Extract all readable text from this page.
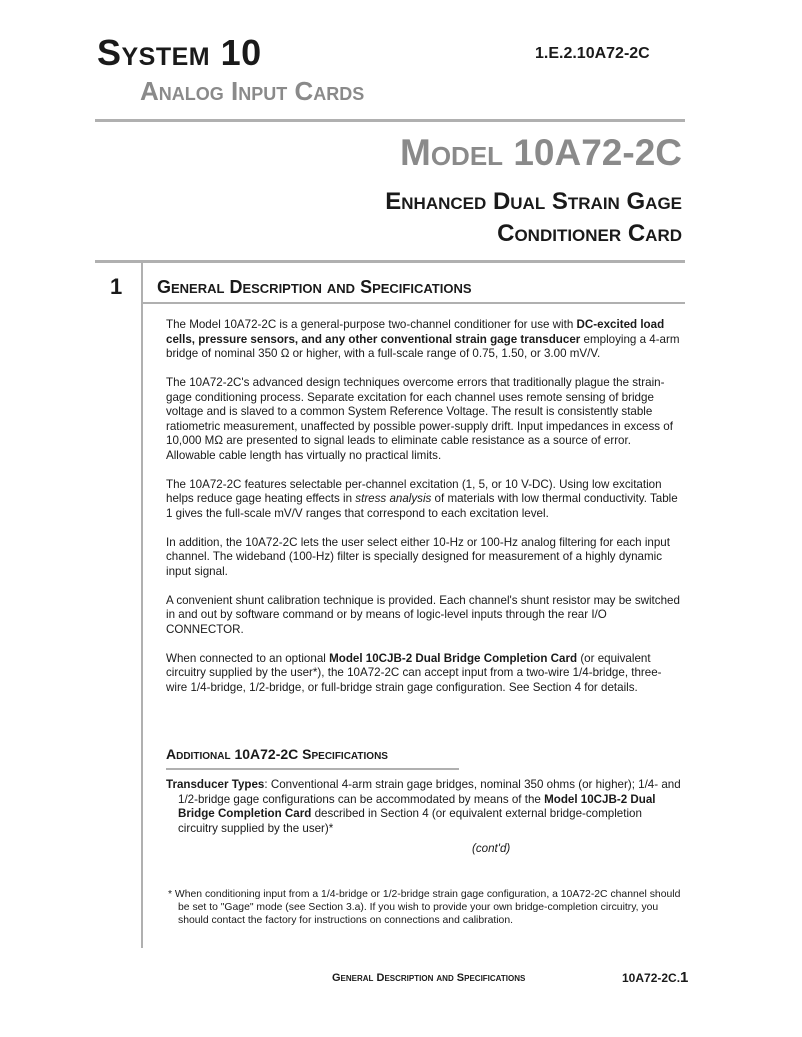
System 10	1.E.2.10A72-2C
Analog Input Cards
Model 10A72-2C
Enhanced Dual Strain Gage
Conditioner Card
1 General Description and Specifications

The Model 10A72-2C is a general-purpose two-channel conditioner for use with DC-excited load cells, pressure sensors, and any other conventional strain gage transducer employing a 4-arm bridge of nominal 350 Ω or higher, with a full-scale range of 0.75, 1.50, or 3.00 mV/V.

The 10A72-2C's advanced design techniques overcome errors that traditionally plague the strain-gage conditioning process. Separate excitation for each channel uses remote sensing of bridge voltage and is slaved to a common System Reference Voltage. The result is consistently stable ratiometric measurement, unaffected by possible power-supply drift. Input impedances in excess of 10,000 MΩ are presented to signal leads to eliminate cable resistance as a source of error. Allowable cable length has virtually no practical limits.

The 10A72-2C features selectable per-channel excitation (1, 5, or 10 V-DC). Using low excitation helps reduce gage heating effects in stress analysis of materials with low thermal conductivity. Table 1 gives the full-scale mV/V ranges that correspond to each excitation level.

In addition, the 10A72-2C lets the user select either 10-Hz or 100-Hz analog filtering for each input channel. The wideband (100-Hz) filter is specially designed for measurement of a highly dynamic input signal.

A convenient shunt calibration technique is provided. Each channel's shunt resistor may be switched in and out by software command or by means of logic-level inputs through the rear I/O CONNECTOR.

When connected to an optional Model 10CJB-2 Dual Bridge Completion Card (or equivalent circuitry supplied by the user*), the 10A72-2C can accept input from a two-wire 1/4-bridge, three-wire 1/4-bridge, 1/2-bridge, or full-bridge strain gage configuration. See Section 4 for details.

Additional 10A72-2C Specifications
Transducer Types: Conventional 4-arm strain gage bridges, nominal 350 ohms (or higher); 1/4- and 1/2-bridge gage configurations can be accommodated by means of the Model 10CJB-2 Dual Bridge Completion Card described in Section 4 (or equivalent external bridge-completion circuitry supplied by the user)*
(cont'd)
* When conditioning input from a 1/4-bridge or 1/2-bridge strain gage configuration, a 10A72-2C channel should be set to "Gage" mode (see Section 3.a). If you wish to provide your own bridge-completion circuitry, you should contact the factory for instructions on connections and calibration.
General Description and Specifications	10A72-2C.1
